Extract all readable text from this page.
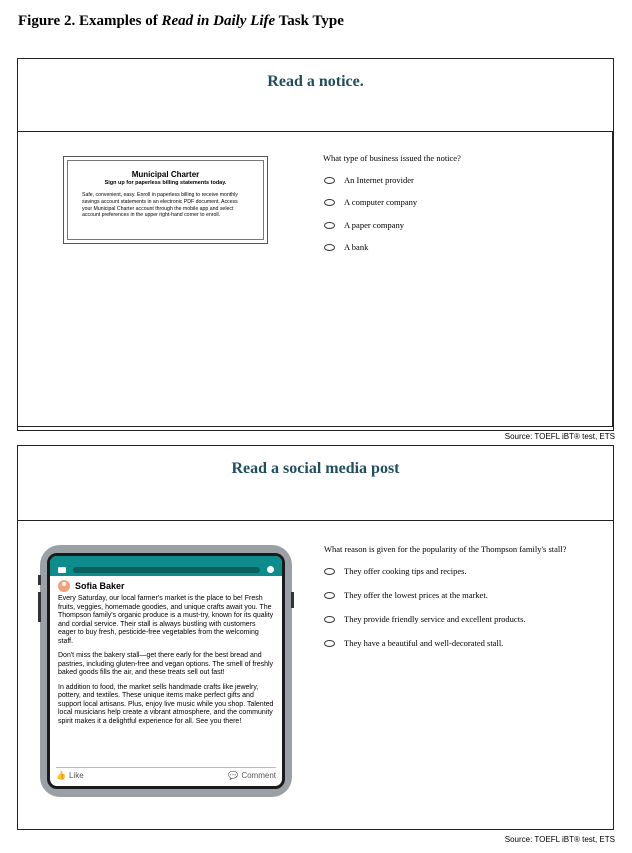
Figure 2. Examples of Read in Daily Life Task Type
Read a notice.
Municipal Charter
Sign up for paperless billing statements today.
Safe, convenient, easy. Enroll in paperless billing to receive monthly savings account statements in an electronic PDF document. Access your Municipal Charter account through the mobile app and select account preferences in the upper right-hand corner to enroll.
What type of business issued the notice?
An Internet provider
A computer company
A paper company
A bank
Source: TOEFL iBT® test, ETS
Read a social media post
Sofia Baker

Every Saturday, our local farmer's market is the place to be! Fresh fruits, veggies, homemade goodies, and unique crafts await you. The Thompson family's organic produce is a must-try, known for its quality and cordial service. Their stall is always bustling with customers eager to buy fresh, pesticide-free vegetables from the welcoming staff.

Don't miss the bakery stall—get there early for the best bread and pastries, including gluten-free and vegan options. The smell of freshly baked goods fills the air, and these treats sell out fast!

In addition to food, the market sells handmade crafts like jewelry, pottery, and textiles. These unique items make perfect gifts and support local artisans. Plus, enjoy live music while you shop. Talented local musicians help create a vibrant atmosphere, and the community spirit makes it a delightful experience for all. See you there!

👍 Like	💬 Comment
What reason is given for the popularity of the Thompson family's stall?
They offer cooking tips and recipes.
They offer the lowest prices at the market.
They provide friendly service and excellent products.
They have a beautiful and well-decorated stall.
Source: TOEFL iBT® test, ETS
